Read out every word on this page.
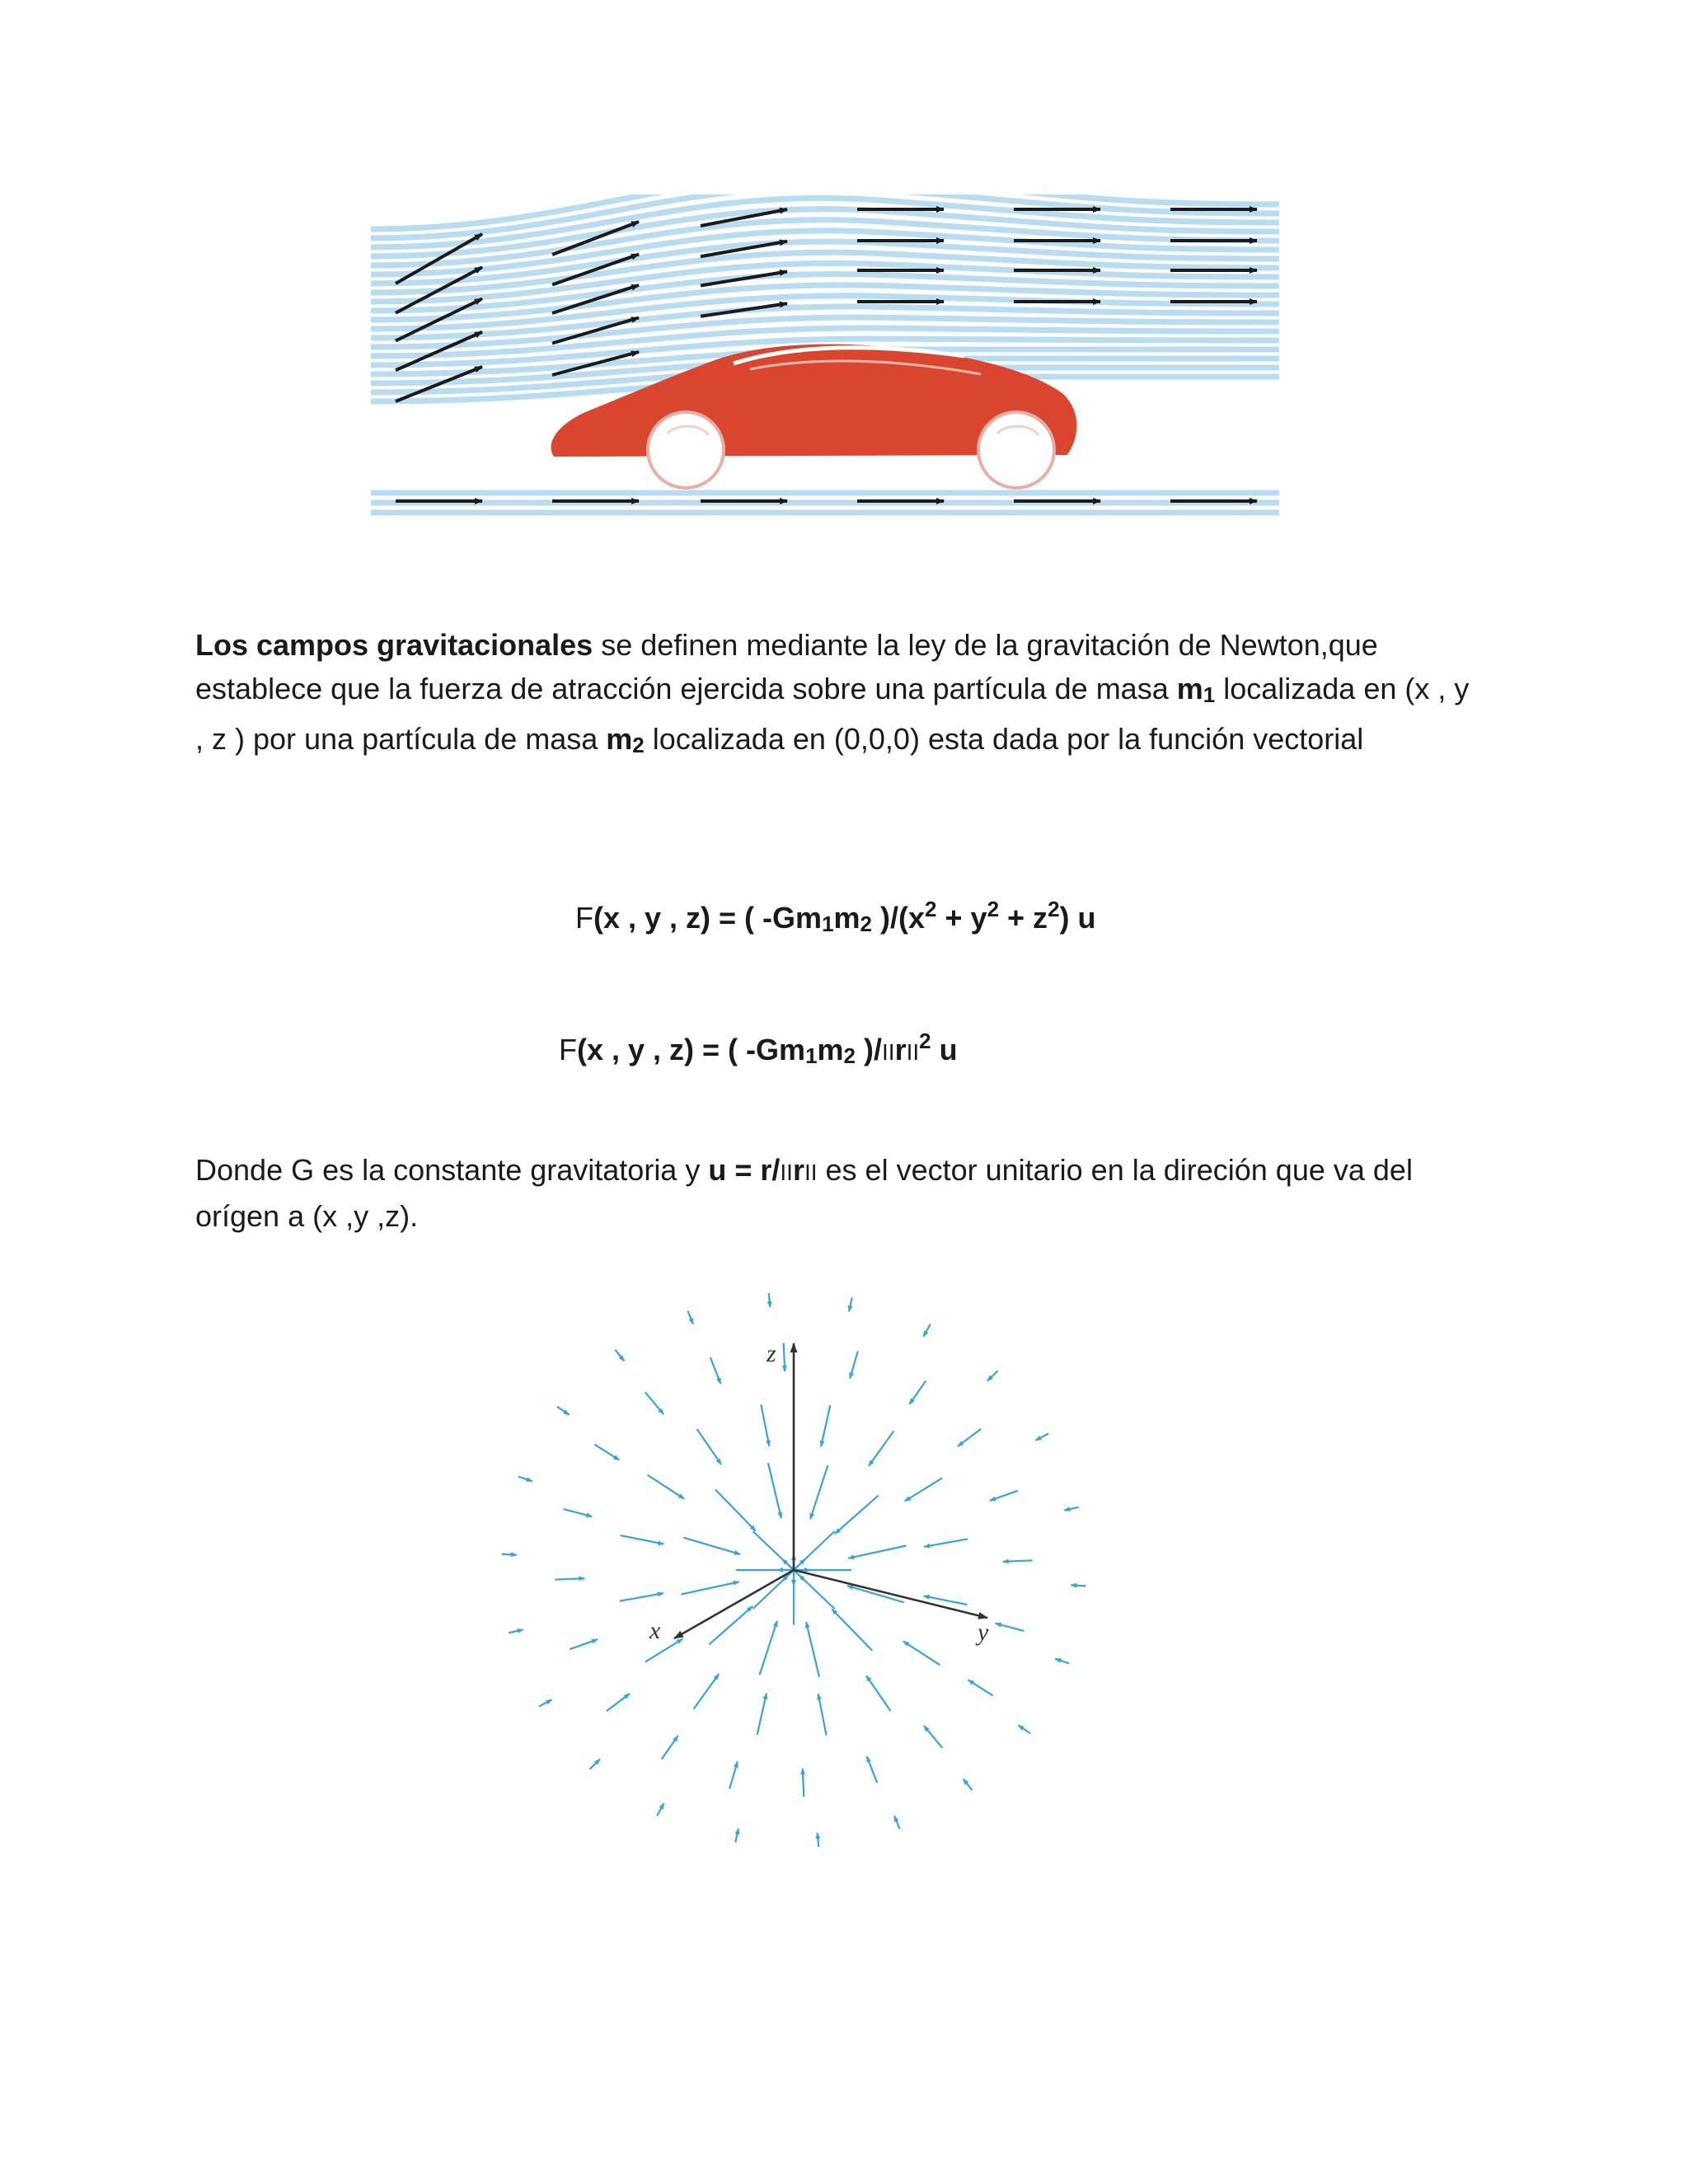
Los campos gravitacionales se definen mediante la ley de la gravitación de Newton,que establece que la fuerza de atracción ejercida sobre una partícula de masa m1 localizada en (x , y , z ) por una partícula de masa m2 localizada en (0,0,0) esta dada por la función vectorial

F(x , y , z) = ( -Gm1m2 )$/(x^2 + y^2 + z^2)$ u

F(x , y , z) = ( -Gm1m2 )/IIrII$^2$ u

Donde G es la constante gravitatoria y u = r/IIrII es el vector unitario en la direción que va del orígen a (x ,y ,z).

z
x	y
